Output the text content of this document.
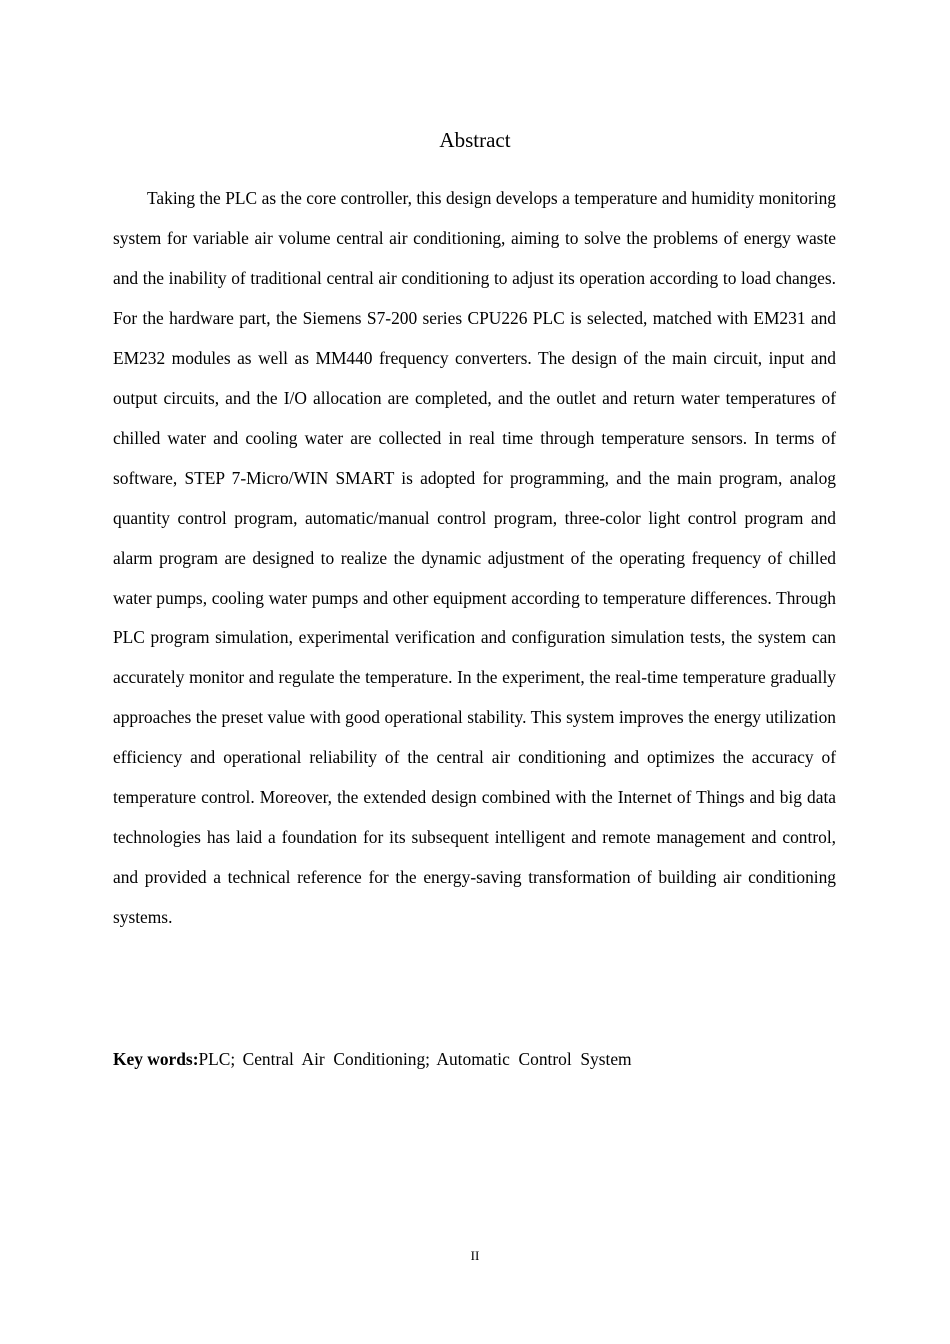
Abstract

Taking the PLC as the core controller, this design develops a temperature and humidity monitoring system for variable air volume central air conditioning, aiming to solve the problems of energy waste and the inability of traditional central air conditioning to adjust its operation according to load changes. For the hardware part, the Siemens S7-200 series CPU226 PLC is selected, matched with EM231 and EM232 modules as well as MM440 frequency converters. The design of the main circuit, input and output circuits, and the I/O allocation are completed, and the outlet and return water temperatures of chilled water and cooling water are collected in real time through temperature sensors. In terms of software, STEP 7-Micro/WIN SMART is adopted for programming, and the main program, analog quantity control program, automatic/manual control program, three-color light control program and alarm program are designed to realize the dynamic adjustment of the operating frequency of chilled water pumps, cooling water pumps and other equipment according to temperature differences. Through PLC program simulation, experimental verification and configuration simulation tests, the system can accurately monitor and regulate the temperature. In the experiment, the real-time temperature gradually approaches the preset value with good operational stability. This system improves the energy utilization efficiency and operational reliability of the central air conditioning and optimizes the accuracy of temperature control. Moreover, the extended design combined with the Internet of Things and big data technologies has laid a foundation for its subsequent intelligent and remote management and control, and provided a technical reference for the energy-saving transformation of building air conditioning systems.

Key words:PLC; Central  Air  Conditioning; Automatic  Control  System
II
